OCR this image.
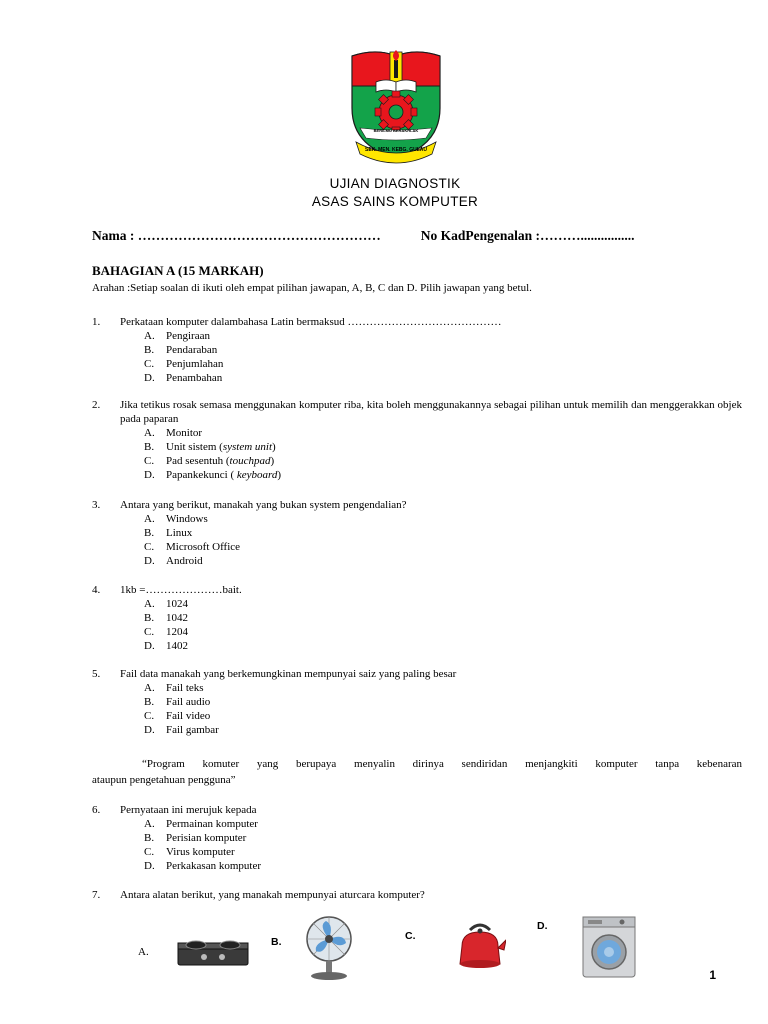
BERILMU BERAKHLAK
SEK. MEN. KEBG. GULAU
UJIAN DIAGNOSTIK
ASAS SAINS KOMPUTER
Nama : ………………………………………………	No KadPengenalan :………................
BAHAGIAN A (15 MARKAH)
Arahan :Setiap soalan di ikuti oleh empat pilihan jawapan, A, B, C dan D. Pilih jawapan yang betul.
1. Perkataan komputer dalambahasa Latin bermaksud ……………………………………
A. Pengiraan
B. Pendaraban
C. Penjumlahan
D. Penambahan
2. Jika tetikus rosak semasa menggunakan komputer riba, kita boleh menggunakannya sebagai pilihan untuk memilih dan menggerakkan objek pada paparan
A. Monitor
B. Unit sistem (system unit)
C. Pad sesentuh (touchpad)
D. Papankekunci ( keyboard)
3. Antara yang berikut, manakah yang bukan system pengendalian?
A. Windows
B. Linux
C. Microsoft Office
D. Android
4. 1kb =…………………bait.
A. 1024
B. 1042
C. 1204
D. 1402
5. Fail data manakah yang berkemungkinan mempunyai saiz yang paling besar
A. Fail teks
B. Fail audio
C. Fail video
D. Fail gambar
“Program komuter yang berupaya menyalin dirinya sendiridan menjangkiti komputer tanpa kebenaran
ataupun pengetahuan pengguna”
6. Pernyataan ini merujuk kepada
A. Permainan komputer
B. Perisian komputer
C. Virus komputer
D. Perkakasan komputer
7. Antara alatan berikut, yang manakah mempunyai aturcara komputer?
A.
B.	C.
D.
1
